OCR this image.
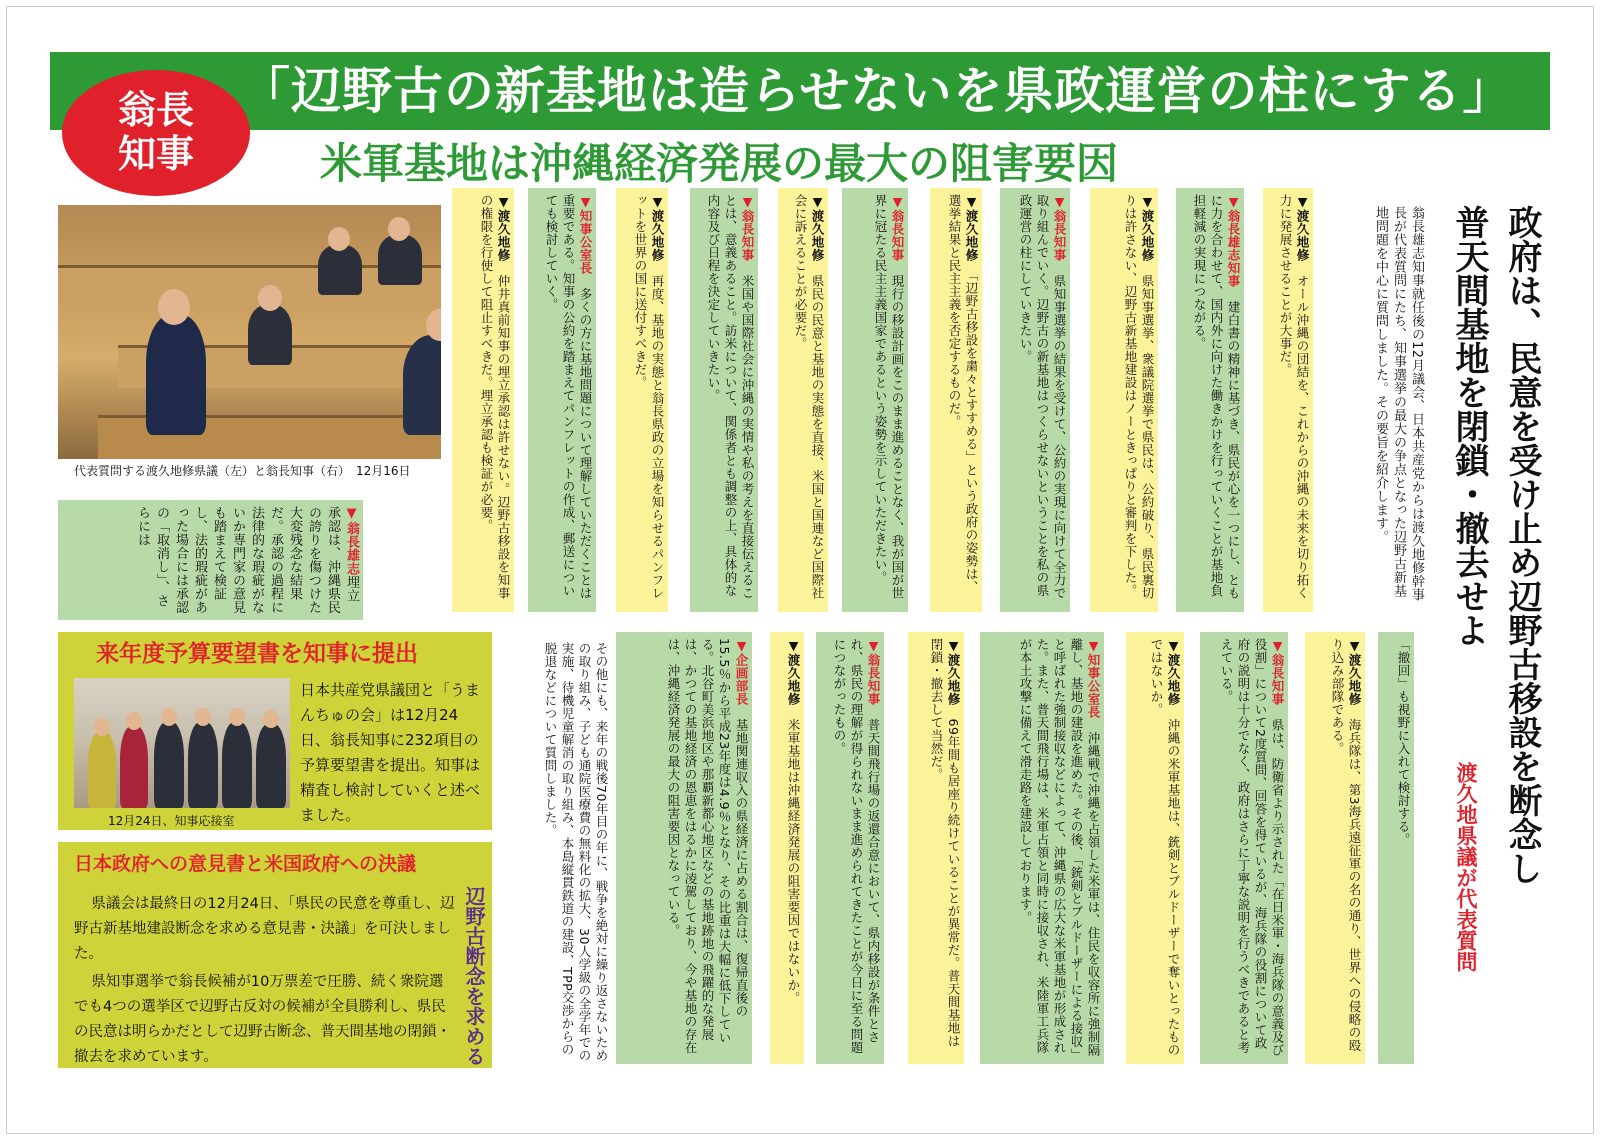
「辺野古の新基地は造らせないを県政運営の柱にする」
翁長
知事	米軍基地は沖縄経済発展の最大の阻害要因
政府は、民意を受け止め辺野古移設を断念し
普天間基地を閉鎖・撤去せよ
渡久地県議が代表質問
翁長雄志知事就任後の12月議会、日本共産党からは渡久地修幹事長が代表質問にたち、知事選挙の最大の争点となった辺野古新基地問題を中心に質問しました。その要旨を紹介します。
▼渡久地修　オール沖縄の団結を、これからの沖縄の未来を切り拓く力に発展させることが大事だ。
▼翁長雄志知事　建白書の精神に基づき、県民が心を一つにし、ともに力を合わせて、国内外に向けた働きかけを行っていくことが基地負担軽減の実現につながる。
▼渡久地修　県知事選挙、衆議院選挙で県民は、公約破り、県民裏切りは許さない、辺野古新基地建設はノーときっぱりと審判を下した。
▼翁長知事　県知事選挙の結果を受けて、公約の実現に向けて全力で取り組んでいく。辺野古の新基地はつくらせないということを私の県政運営の柱にしていきたい。
▼渡久地修　「辺野古移設を粛々とすすめる」という政府の姿勢は、選挙結果と民主主義を否定するものだ。
▼翁長知事　現行の移設計画をこのまま進めることなく、我が国が世界に冠たる民主主義国家であるという姿勢を示していただきたい。
▼渡久地修　県民の民意と基地の実態を直接、米国と国連など国際社会に訴えることが必要だ。
▼翁長知事　米国や国際社会に沖縄の実情や私の考えを直接伝えることは、意義あること。訪米について、関係者とも調整の上、具体的な内容及び日程を決定していきたい。
▼渡久地修　再度、基地の実態と翁長県政の立場を知らせるパンフレットを世界の国に送付すべきだ。
▼知事公室長　多くの方に基地問題について理解していただくことは重要である。知事の公約を踏まえてパンフレットの作成、郵送についても検討していく。
▼渡久地修　仲井真前知事の埋立承認は許せない。辺野古移設を知事の権限を行使して阻止すべきだ。埋立承認も検証が必要。
「撤回」も視野に入れて検討する。
▼渡久地修　海兵隊は、第3海兵遠征軍の名の通り、世界への侵略の殴り込み部隊である。
▼翁長知事　県は、防衛省より示された「在日米軍・海兵隊の意義及び役割」について2度質問、回答を得ているが、海兵隊の役割について政府の説明は十分でなく、政府はさらに丁寧な説明を行うべきであると考えている。
▼渡久地修　沖縄の米軍基地は、銃剣とブルドーザーで奪いとったものではないか。
▼知事公室長　沖縄戦で沖縄を占領した米軍は、住民を収容所に強制隔離し、基地の建設を進めた。その後、「銃剣とブルドーザーによる接収」と呼ばれた強制接収などによって、沖縄県の広大な米軍基地が形成された。また、普天間飛行場は、米軍占領と同時に接収され、米陸軍工兵隊が本土攻撃に備えて滑走路を建設しております。
▼渡久地修　69年間も居座り続けていることが異常だ。普天間基地は閉鎖・撤去して当然だ。
▼翁長知事　普天間飛行場の返還合意において、県内移設が条件とされ、県民の理解が得られないまま進められてきたことが今日に至る問題につながったもの。
▼渡久地修　米軍基地は沖縄経済発展の阻害要因ではないか。
▼企画部長　基地関連収入の県経済に占める割合は、復帰直後の15.5％から平成23年度は4.9％となり、その比重は大幅に低下している。北谷町美浜地区や那覇新都心地区などの基地跡地の飛躍的な発展は、かつての基地経済の恩恵をはるかに凌駕しており、今や基地の存在は、沖縄経済発展の最大の阻害要因となっている。
その他にも、来年の戦後70年目の年に、戦争を絶対に繰り返さないための取り組み、子ども通院医療費の無料化の拡大、30人学級の全学年での実施、待機児童解消の取り組み、本島縦貫鉄道の建設、TPP交渉からの脱退などについて質問しました。
代表質問する渡久地修県議（左）と翁長知事（右）　12月16日
▼翁長雄志埋立承認は、沖縄県民の誇りを傷つけた大変残念な結果だ。承認の過程に法律的な瑕疵がないか専門家の意見も踏まえて検証し、法的瑕疵があった場合には承認の「取消し」、さらには
来年度予算要望書を知事に提出
12月24日、知事応接室
日本共産党県議団と「うまんちゅの会」は12月24日、翁長知事に232項目の予算要望書を提出。知事は精査し検討していくと述べました。
日本政府への意見書と米国政府への決議
県議会は最終日の12月24日、「県民の民意を尊重し、辺野古新基地建設断念を求める意見書・決議」を可決しました。
県知事選挙で翁長候補が10万票差で圧勝、続く衆院選でも4つの選挙区で辺野古反対の候補が全員勝利し、県民の民意は明らかだとして辺野古断念、普天間基地の閉鎖・撤去を求めています。	辺野古断念を求める
